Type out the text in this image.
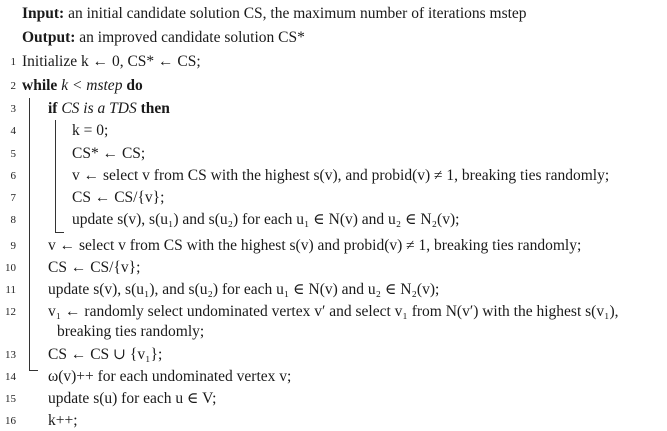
Input: an initial candidate solution CS, the maximum number of iterations mstep
Output: an improved candidate solution CS*
1 Initialize k ← 0, CS* ← CS;
2 while k < mstep do
3 if CS is a TDS then
4	k = 0;
5	CS* ← CS;
6	v ← select v from CS with the highest s(v), and probid(v) ≠ 1, breaking ties randomly;
7	CS ← CS/{v};
8	update s(v), s(u₁) and s(u₂) for each u₁ ∈ N(v) and u₂ ∈ N₂(v);
9 v ← select v from CS with the highest s(v) and probid(v) ≠ 1, breaking ties randomly;
10 CS ← CS/{v};
11 update s(v), s(u₁), and s(u₂) for each u₁ ∈ N(v) and u₂ ∈ N₂(v);
12 v₁ ← randomly select undominated vertex v′ and select v₁ from N(v′) with the highest s(v₁),
breaking ties randomly;
13 CS ← CS ∪ {v₁};
14 ω(v)++ for each undominated vertex v;
15 update s(u) for each u ∈ V;
16 k++;
